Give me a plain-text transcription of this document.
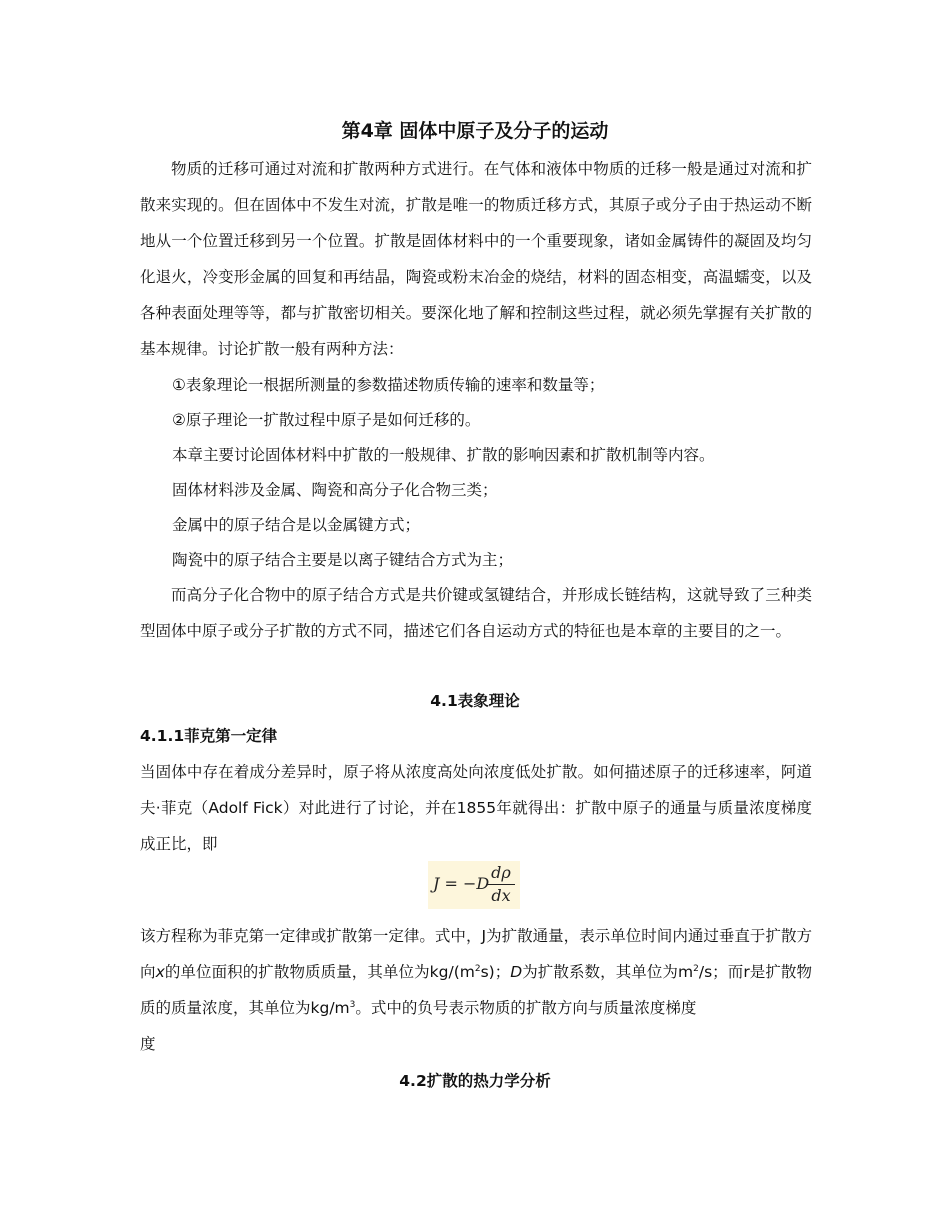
第4章 固体中原子及分子的运动

物质的迁移可通过对流和扩散两种方式进行。在气体和液体中物质的迁移一般是通过对流和扩散来实现的。但在固体中不发生对流，扩散是唯一的物质迁移方式，其原子或分子由于热运动不断地从一个位置迁移到另一个位置。扩散是固体材料中的一个重要现象，诸如金属铸件的凝固及均匀化退火，冷变形金属的回复和再结晶，陶瓷或粉末冶金的烧结，材料的固态相变，高温蠕变，以及各种表面处理等等，都与扩散密切相关。要深化地了解和控制这些过程，就必须先掌握有关扩散的基本规律。讨论扩散一般有两种方法：

①表象理论一根据所测量的参数描述物质传输的速率和数量等；

②原子理论一扩散过程中原子是如何迁移的。

本章主要讨论固体材料中扩散的一般规律、扩散的影响因素和扩散机制等内容。

固体材料涉及金属、陶瓷和高分子化合物三类；

金属中的原子结合是以金属键方式；

陶瓷中的原子结合主要是以离子键结合方式为主；

而高分子化合物中的原子结合方式是共价键或氢键结合，并形成长链结构，这就导致了三种类型固体中原子或分子扩散的方式不同，描述它们各自运动方式的特征也是本章的主要目的之一。

4.1表象理论
4.1.1菲克第一定律

当固体中存在着成分差异时，原子将从浓度高处向浓度低处扩散。如何描述原子的迁移速率，阿道夫·菲克（Adolf Fick）对此进行了讨论，并在1855年就得出：扩散中原子的通量与质量浓度梯度成正比，即

J = −D
dρ
dx

该方程称为菲克第一定律或扩散第一定律。式中，J为扩散通量，表示单位时间内通过垂直于扩散方向x的单位面积的扩散物质质量，其单位为$kg/(m^2s)$；D为扩散系数，其单位为$m^2/s$；而r是扩散物质的质量浓度，其单位为$kg/m^3$。式中的负号表示物质的扩散方向与质量浓度梯度

度

4.2扩散的热力学分析
